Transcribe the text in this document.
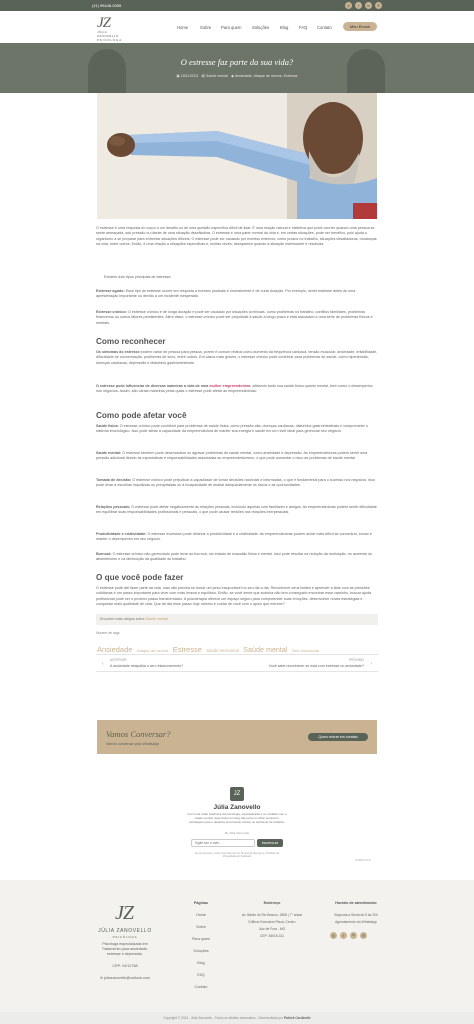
(11) 99446-0055	◎	f	in	✆
JZ
JÚLIA ZANOVELLO
PSICÓLOGA
Home	Sobre Para quem	Soluções	Blog	FAQ Contato	Meu Ebook
O estresse faz parte da sua vida?
▣ 18/11/2021 ▤ Saúde mental ◆ Ansiedade, Ataque de nervos, Estresse
O estresse é uma resposta do corpo a um desafio ou de uma questão específica difícil de lidar. É uma reação natural e instintiva que pode ocorrer quando uma pessoa se sente ameaçada, sob pressão ou diante de uma situação desafiadora. O estresse é uma parte normal da vida e, em certas situações, pode ser benéfico, pois ajuda o organismo a se preparar para enfrentar situações difíceis. O estresse pode ser causado por eventos externos, como prazos no trabalho, situações desafiadoras, mudanças na vida, entre outros. Então, é uma reação a situações específicas e, muitas vezes, desaparece quando a situação estressante é resolvida.
Existem dois tipos principais de estresse:
Estresse agudo: Esse tipo de estresse ocorre em resposta a eventos pontuais e normalmente é de curta duração. Por exemplo, sentir estresse antes de uma apresentação importante ou devido a um incidente inesperado.
Estresse crônico: O estresse crônico é de longa duração e pode ser causado por situações contínuas, como problemas no trabalho, conflitos familiares, problemas financeiros ou outros fatores persistentes. Além disso, o estresse crônico pode ser prejudicial à saúde a longo prazo e está associado a uma série de problemas físicos e mentais.
Como reconhecer
Os sintomas do estresse podem variar de pessoa para pessoa, porém é comum relatos como aumento da frequência cardíaca, tensão muscular, ansiedade, irritabilidade, dificuldade de concentração, problemas de sono, entre outros. Em casos mais graves, o estresse crônico pode contribuir para problemas de saúde, como hipertensão, doenças cardíacas, depressão e distúrbios gastrointestinais.
O estresse pode influenciar de diversas maneiras a vida de uma mulher empreendedora, afetando tanto sua saúde física quanto mental, bem como o desempenho nos negócios. Assim, são várias maneiras pelas quais o estresse pode afetar as empreendedoras:
Como pode afetar você
Saúde física: O estresse crônico pode contribuir para problemas de saúde física, como pressão alta, doenças cardíacas, distúrbios gastrointestinais e comprometer o sistema imunológico. Isso pode afetar a capacidade da empreendedora de manter sua energia e saúde em um nível ideal para gerenciar seu negócio.
Saúde mental: O estresse também pode desencadear ou agravar problemas de saúde mental, como ansiedade e depressão. As empreendedoras podem sentir uma pressão adicional devido às expectativas e responsabilidades associadas ao empreendedorismo, o que pode aumentar o risco de problemas de saúde mental.
Tomada de decisão: O estresse crônico pode prejudicar a capacidade de tomar decisões racionais e informadas, o que é fundamental para o sucesso nos negócios. Isso pode levar a escolhas impulsivas ou precipitadas ou à incapacidade de avaliar adequadamente os riscos e as oportunidades.
Relações pessoais: O estresse pode afetar negativamente as relações pessoais, incluindo aquelas com familiares e amigos. As empreendedoras podem sentir dificuldade em equilibrar suas responsabilidades profissionais e pessoais, o que pode causar tensões nas relações interpessoais.
Produtividade e criatividade: O estresse excessivo pode diminuir a produtividade e a criatividade. As empreendedoras podem achar mais difícil se concentrar, inovar e manter o desempenho em seu negócio.
Burnout: O estresse crônico não gerenciado pode levar ao burnout, um estado de exaustão física e mental. Isso pode resultar na redução da motivação, no aumento do absenteísmo e na diminuição da qualidade do trabalho.
O que você pode fazer
O estresse pode até fazer parte da vida, mas não precisa se tornar um peso insuportável no seu dia a dia. Reconhecer seus limites e aprender a lidar com as pressões cotidianas é um passo importante para viver com mais leveza e equilíbrio. Então, se você sente que sozinha não tem conseguido encontrar esse caminho, buscar ajuda profissional pode ser o próximo passo transformador. A psicoterapia oferece um espaço seguro para compreender suas emoções, desenvolver novas estratégias e conquistar mais qualidade de vida. Que tal dar esse passo hoje mesmo e cuidar de você com o apoio que merece?
Encontre mais artigos sobre Saúde mental
Nuvem de tags
Ansiedade Ataque de nervos Estresse Saúde emocional Saúde mental Zelo emocional
ANTERIOR
A ansiedade atrapalha o seu relacionamento?
‹
PRÓXIMO
Você sabe reconhecer se está com estresse ou ansiedade? ›
Vamos Conversar?
Vamos conversar pelo WhatsApp
Quero entrar em contato
JZ
Júlia Zanovello
Com uma visão sistêmica da psicologia, especializada e no cuidado com a saúde mental, desenvolvi um blog são para um olhar sensível e estratégico para o desafios emocionais vividos no ambiente de trabalho.
By Júlia Zanovello
Digite seu e-mail...
Inscreva-se
Ao se inscrever, você concorda com os Termos de Serviço e a Política de Privacidade do Substack
SUBSTACK
JZ
JÚLIA ZANOVELLO
PSICÓLOGA
Psicóloga especializada em Tratamento para ansiedade, estresse e depressão.
CRP: 04/12768
✉ juliazanovello@outlook.com
Páginas
Home
Sobre
Para quem
Soluções
Blog
FAQ
Contato
Endereço
Av. Barão do Rio Branco, 2808 | 7° andar
Edifício Executive Plaza, Centro
Juiz de Fora - MG
CEP: 36016-311
Horário de atendimento
Segunda a Sexta de 8 às 20h
Agendamento via WhatsApp
◎	f	in	✆
Copyright © 2024 - Júlia Zanovello - Todos os direitos reservados - Desenvolvido por Patrick Cardinelle
